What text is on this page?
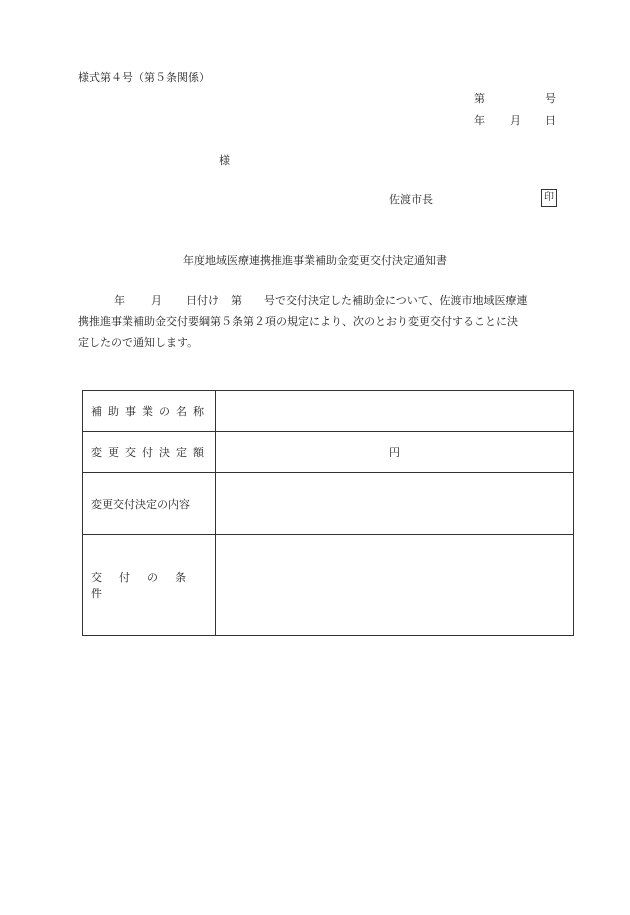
様式第４号（第５条関係）
第	号
年 月 日
様
佐渡市長	印
年度地域医療連携推進事業補助金変更交付決定通知書
年 月 日付け 第 号で交付決定した補助金について、佐渡市地域医療連
携推進事業補助金交付要綱第５条第２項の規定により、次のとおり変更交付することに決
定したので通知します。
補助事業の名称	
変更交付決定額	円
変更交付決定の内容	
交付の条件	
